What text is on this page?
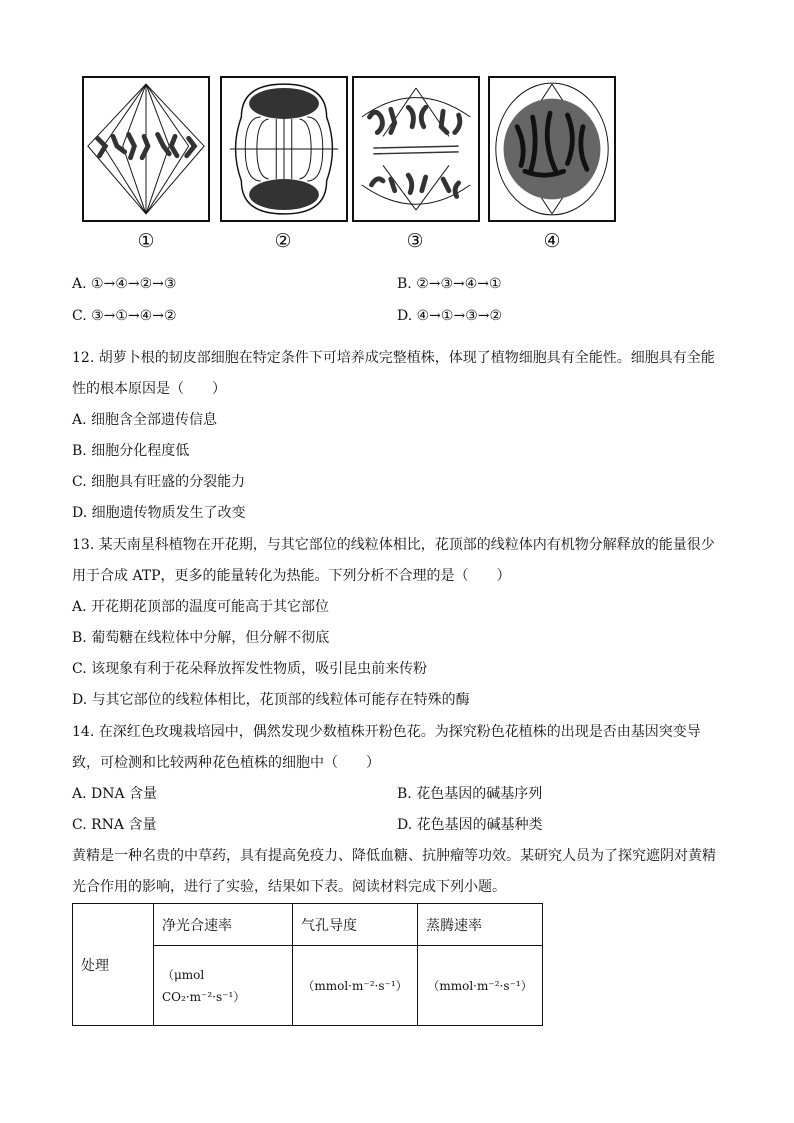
①	②	③	④
A. ①→④→②→③	B. ②→③→④→①
C. ③→①→④→②	D. ④→①→③→②
12. 胡萝卜根的韧皮部细胞在特定条件下可培养成完整植株，体现了植物细胞具有全能性。细胞具有全能
性的根本原因是（　　）
A. 细胞含全部遗传信息
B. 细胞分化程度低
C. 细胞具有旺盛的分裂能力
D. 细胞遗传物质发生了改变
13. 某天南星科植物在开花期，与其它部位的线粒体相比，花顶部的线粒体内有机物分解释放的能量很少
用于合成 ATP，更多的能量转化为热能。下列分析不合理的是（　　）
A. 开花期花顶部的温度可能高于其它部位
B. 葡萄糖在线粒体中分解，但分解不彻底
C. 该现象有利于花朵释放挥发性物质，吸引昆虫前来传粉
D. 与其它部位的线粒体相比，花顶部的线粒体可能存在特殊的酶
14. 在深红色玫瑰栽培园中，偶然发现少数植株开粉色花。为探究粉色花植株的出现是否由基因突变导
致，可检测和比较两种花色植株的细胞中（　　）
A. DNA 含量	B. 花色基因的碱基序列
C. RNA 含量	D. 花色基因的碱基种类
黄精是一种名贵的中草药，具有提高免疫力、降低血糖、抗肿瘤等功效。某研究人员为了探究遮阴对黄精
光合作用的影响，进行了实验，结果如下表。阅读材料完成下列小题。
处理	净光合速率	气孔导度	蒸腾速率
	（μmol CO₂·m⁻²·s⁻¹）	（mmol·m⁻²·s⁻¹）	（mmol·m⁻²·s⁻¹）
